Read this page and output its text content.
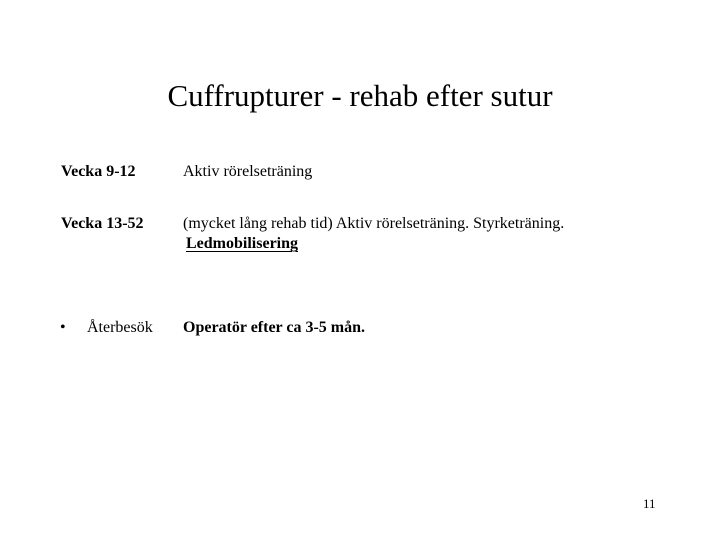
Cuffrupturer - rehab efter sutur
Vecka 9-12	Aktiv rörelseträning
Vecka 13-52 (mycket lång rehab tid) Aktiv rörelseträning. Styrketräning.
Ledmobilisering
• Återbesök Operatör efter ca 3-5 mån.
11
